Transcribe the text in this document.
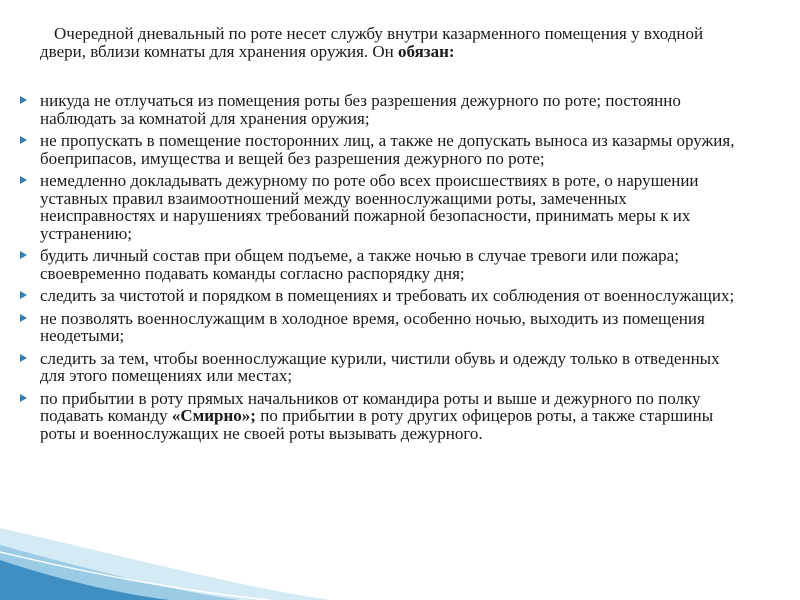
Очередной дневальный по роте несет службу внутри казарменного помещения у входной двери, вблизи комнаты для хранения оружия. Он обязан:
никуда не отлучаться из помещения роты без разрешения дежурного по роте; постоянно наблюдать за комнатой для хранения оружия;
не пропускать в помещение посторонних лиц, а также не допускать выноса из казармы оружия, боеприпасов, имущества и вещей без разрешения дежурного по роте;
немедленно докладывать дежурному по роте обо всех происшествиях в роте, о нарушении уставных правил взаимоотношений между военнослужащими роты, замеченных неисправностях и нарушениях требований пожарной безопасности, принимать меры к их устранению;
будить личный состав при общем подъеме, а также ночью в случае тревоги или пожара; своевременно подавать команды согласно распорядку дня;
следить за чистотой и порядком в помещениях и требовать их соблюдения от военнослужащих;
не позволять военнослужащим в холодное время, особенно ночью, выходить из помещения неодетыми;
следить за тем, чтобы военнослужащие курили, чистили обувь и одежду только в отведенных для этого помещениях или местах;
по прибытии в роту прямых начальников от командира роты и выше и дежурного по полку подавать команду «Смирно»; по прибытии в роту других офицеров роты, а также старшины роты и военнослужащих не своей роты вызывать дежурного.
